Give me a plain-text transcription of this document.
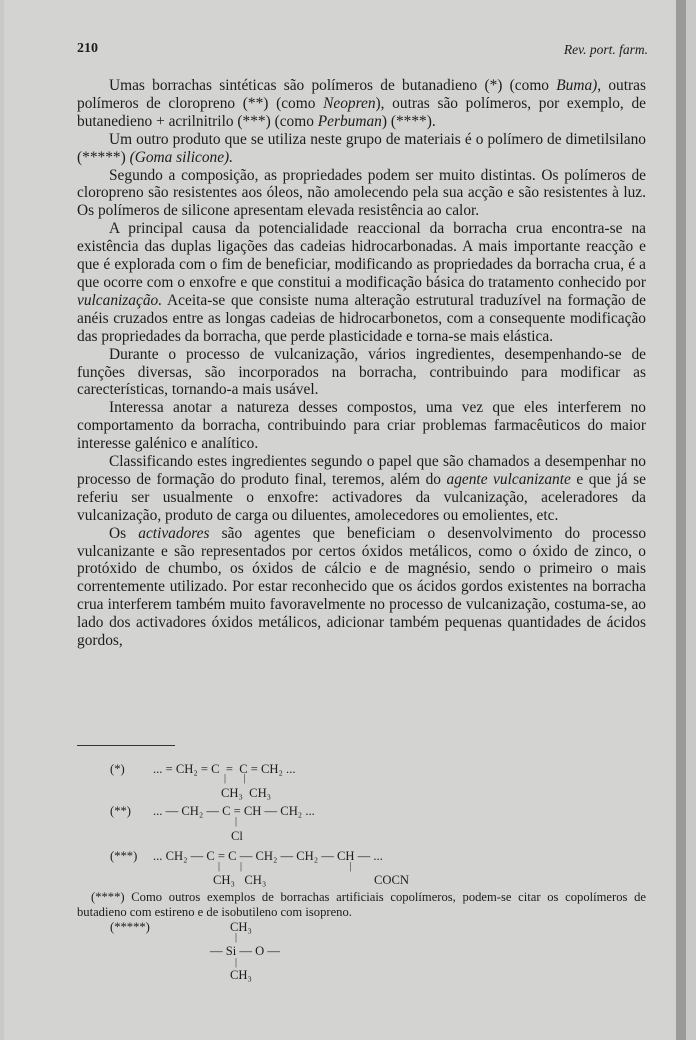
210	Rev. port. farm.

Umas borrachas sintéticas são polímeros de butanadieno (*) (como Buma), outras polímeros de cloropreno (**) (como Neopren), outras são polímeros, por exemplo, de butanedieno + acrilnitrilo (***) (como Perbuman) (****).

Um outro produto que se utiliza neste grupo de materiais é o polímero de dimetilsilano (*****) (Goma silicone).

Segundo a composição, as propriedades podem ser muito distintas. Os polímeros de cloropreno são resistentes aos óleos, não amolecendo pela sua acção e são resistentes à luz. Os polímeros de silicone apresentam elevada resistência ao calor.

A principal causa da potencialidade reaccional da borracha crua encontra-se na existência das duplas ligações das cadeias hidrocarbonadas. A mais importante reacção e que é explorada com o fim de beneficiar, modificando as propriedades da borracha crua, é a que ocorre com o enxofre e que constitui a modificação básica do tratamento conhecido por vulcanização. Aceita-se que consiste numa alteração estrutural traduzível na formação de anéis cruzados entre as longas cadeias de hidrocarbonetos, com a consequente modificação das propriedades da borracha, que perde plasticidade e torna-se mais elástica.

Durante o processo de vulcanização, vários ingredientes, desempenhando-se de funções diversas, são incorporados na borracha, contribuindo para modificar as carecterísticas, tornando-a mais usável.

Interessa anotar a natureza desses compostos, uma vez que eles interferem no comportamento da borracha, contribuindo para criar problemas farmacêuticos do maior interesse galénico e analítico.

Classificando estes ingredientes segundo o papel que são chamados a desempenhar no processo de formação do produto final, teremos, além do agente vulcanizante e que já se referiu ser usualmente o enxofre: activadores da vulcanização, aceleradores da vulcanização, produto de carga ou diluentes, amolecedores ou emolientes, etc.

Os activadores são agentes que beneficiam o desenvolvimento do processo vulcanizante e são representados por certos óxidos metálicos, como o óxido de zinco, o protóxido de chumbo, os óxidos de cálcio e de magnésio, sendo o primeiro o mais correntemente utilizado. Por estar reconhecido que os ácidos gordos existentes na borracha crua interferem também muito favoravelmente no processo de vulcanização, costuma-se, ao lado dos activadores óxidos metálicos, adicionar também pequenas quantidades de ácidos gordos,

(*) ... = CH₂ = C  =  C = CH₂ ...
|       |
CH₃  CH₃
(**) ... — CH₂ — C = CH — CH₂ ...
|
Cl
(***) ... CH₂ — C = C — CH₂ — CH₂ — CH — ...
|        |                                           |
CH₃   CH₃	COCN
(****) Como outros exemplos de borrachas artificiais copolímeros, podem-se citar os copolímeros de butadieno com estireno e de isobutileno com isopreno.
(*****)	CH₃
|
— Si — O —
|
CH₃
